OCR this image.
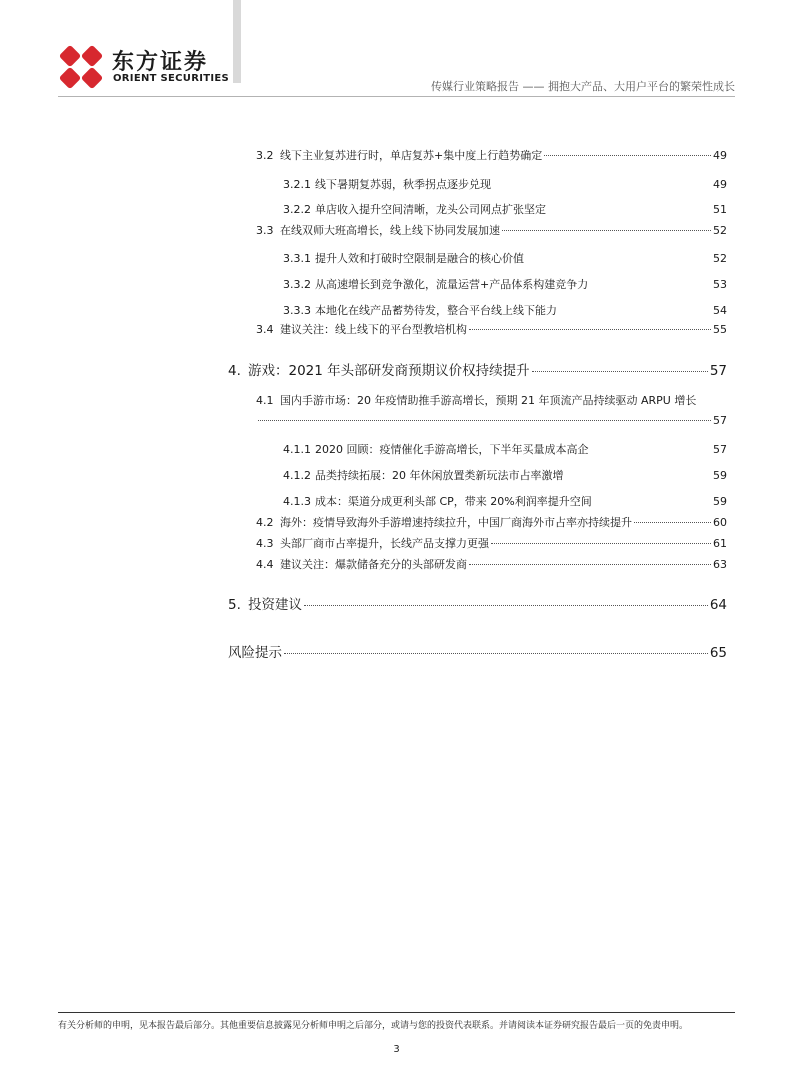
东方证券
ORIENT SECURITIES
传媒行业策略报告 —— 拥抱大产品、大用户平台的繁荣性成长
3.2 线下主业复苏进行时，单店复苏+集中度上行趋势确定	49
3.2.1 线下暑期复苏弱，秋季拐点逐步兑现	49
3.2.2 单店收入提升空间清晰，龙头公司网点扩张坚定	51
3.3 在线双师大班高增长，线上线下协同发展加速	52
3.3.1 提升人效和打破时空限制是融合的核心价值	52
3.3.2 从高速增长到竞争激化，流量运营+产品体系构建竞争力	53
3.3.3 本地化在线产品蓄势待发，整合平台线上线下能力	54
3.4 建议关注：线上线下的平台型教培机构	55
4. 游戏：2021 年头部研发商预期议价权持续提升	57
4.1 国内手游市场：20 年疫情助推手游高增长，预期 21 年顶流产品持续驱动 ARPU 增长
57
4.1.1 2020 回顾：疫情催化手游高增长，下半年买量成本高企	57
4.1.2 品类持续拓展：20 年休闲放置类新玩法市占率激增	59
4.1.3 成本：渠道分成更利头部 CP，带来 20%利润率提升空间	59
4.2 海外：疫情导致海外手游增速持续拉升，中国厂商海外市占率亦持续提升	60
4.3 头部厂商市占率提升，长线产品支撑力更强	61
4.4 建议关注：爆款储备充分的头部研发商	63
5. 投资建议	64
风险提示	65
有关分析师的申明，见本报告最后部分。其他重要信息披露见分析师申明之后部分，或请与您的投资代表联系。并请阅读本证券研究报告最后一页的免责申明。
3
